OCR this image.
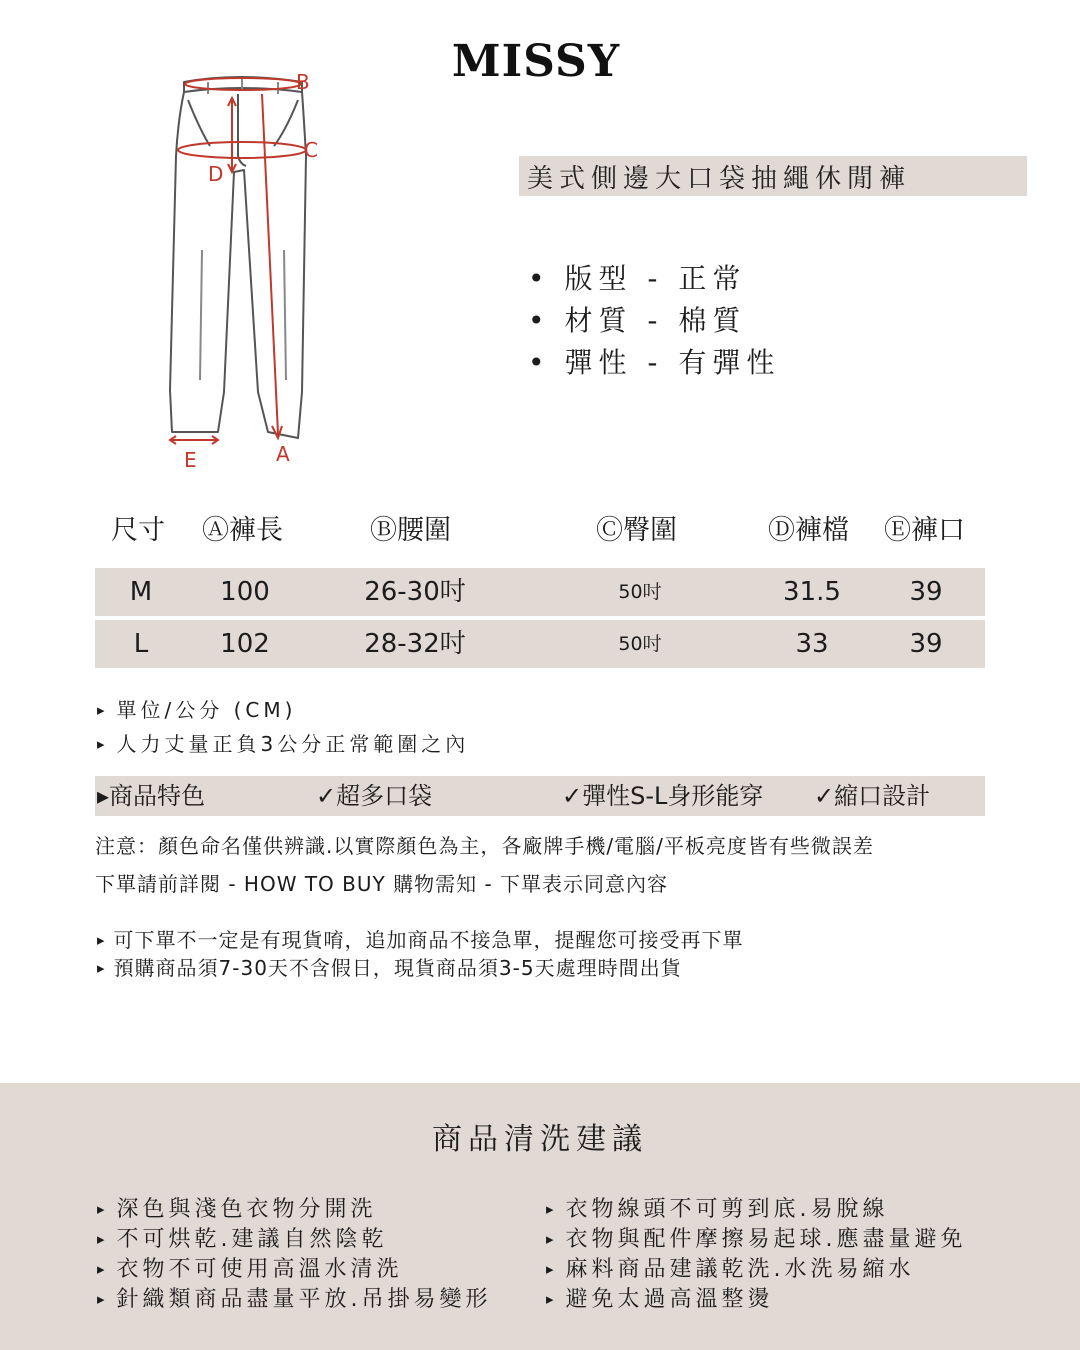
MISSY
B
C
D
E	A
美式側邊大口袋抽繩休閒褲
• 版型 - 正常
• 材質 - 棉質
• 彈性 - 有彈性
尺寸 Ⓐ褲長	Ⓑ腰圍	Ⓒ臀圍	Ⓓ褲檔 Ⓔ褲口
M	100	26-30吋	50吋	31.5	39
L	102	28-32吋	50吋	33	39
▸ 單位/公分 (CM)
▸ 人力丈量正負3公分正常範圍之內
▸商品特色	✓超多口袋	✓彈性S-L身形能穿 ✓縮口設計
注意：顏色命名僅供辨識.以實際顏色為主，各廠牌手機/電腦/平板亮度皆有些微誤差
下單請前詳閱 - HOW TO BUY 購物需知 - 下單表示同意內容
▸ 可下單不一定是有現貨唷，追加商品不接急單，提醒您可接受再下單
▸ 預購商品須7-30天不含假日，現貨商品須3-5天處理時間出貨
商品清洗建議
▸ 深色與淺色衣物分開洗
▸ 不可烘乾.建議自然陰乾
▸ 衣物不可使用高溫水清洗
▸ 針織類商品盡量平放.吊掛易變形
▸ 衣物線頭不可剪到底.易脫線
▸ 衣物與配件摩擦易起球.應盡量避免
▸ 麻料商品建議乾洗.水洗易縮水
▸ 避免太過高溫整燙
